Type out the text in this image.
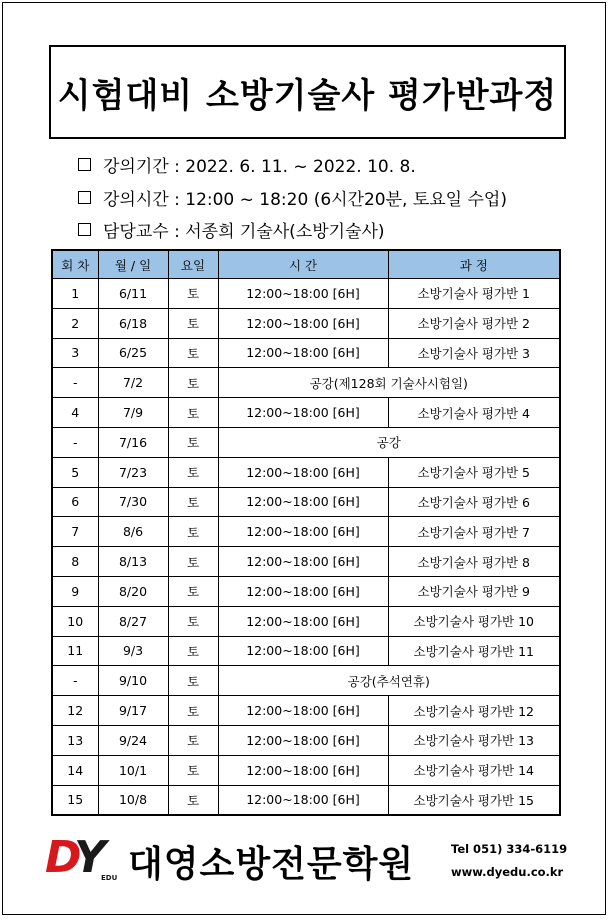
시험대비 소방기술사 평가반과정
강의기간 : 2022. 6. 11. ~ 2022. 10. 8.
강의시간 : 12:00 ~ 18:20 (6시간20분, 토요일 수업)
담당교수 : 서종희 기술사(소방기술사)
회 차	월 / 일	요일	시 간	과 정
1	6/11	토	12:00~18:00 [6H]	소방기술사 평가반 1
2	6/18	토	12:00~18:00 [6H]	소방기술사 평가반 2
3	6/25	토	12:00~18:00 [6H]	소방기술사 평가반 3
-	7/2	토	공강(제128회 기술사시험일)	
4	7/9	토	12:00~18:00 [6H]	소방기술사 평가반 4
-	7/16	토	공강	
5	7/23	토	12:00~18:00 [6H]	소방기술사 평가반 5
6	7/30	토	12:00~18:00 [6H]	소방기술사 평가반 6
7	8/6	토	12:00~18:00 [6H]	소방기술사 평가반 7
8	8/13	토	12:00~18:00 [6H]	소방기술사 평가반 8
9	8/20	토	12:00~18:00 [6H]	소방기술사 평가반 9
10	8/27	토	12:00~18:00 [6H]	소방기술사 평가반 10
11	9/3	토	12:00~18:00 [6H]	소방기술사 평가반 11
-	9/10	토	공강(추석연휴)	
12	9/17	토	12:00~18:00 [6H]	소방기술사 평가반 12
13	9/24	토	12:00~18:00 [6H]	소방기술사 평가반 13
14	10/1	토	12:00~18:00 [6H]	소방기술사 평가반 14
15	10/8	토	12:00~18:00 [6H]	소방기술사 평가반 15
DY EDU 대영소방전문학원	Tel 051) 334-6119
www.dyedu.co.kr
